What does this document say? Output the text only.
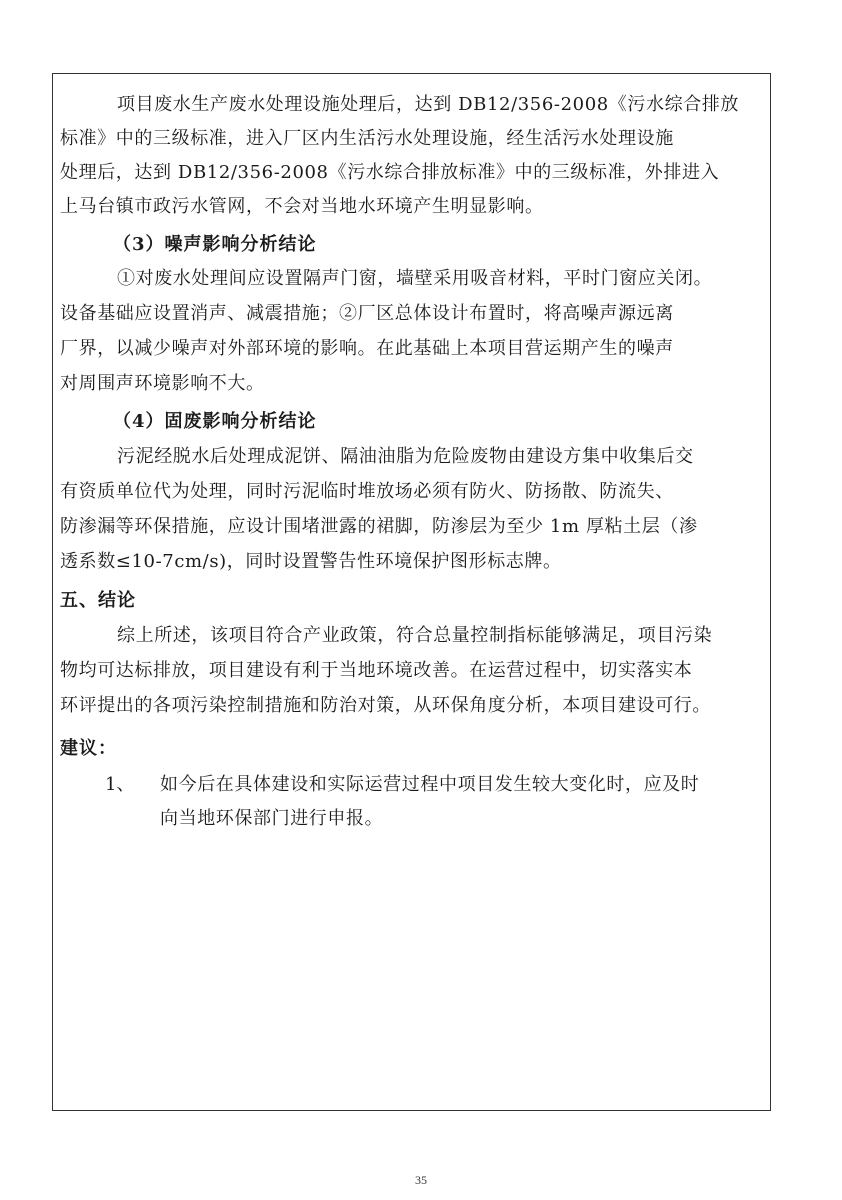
项目废水生产废水处理设施处理后，达到 DB12/356-2008《污水综合排放
标准》中的三级标准，进入厂区内生活污水处理设施，经生活污水处理设施
处理后，达到 DB12/356-2008《污水综合排放标准》中的三级标准，外排进入
上马台镇市政污水管网，不会对当地水环境产生明显影响。
（3）噪声影响分析结论
①对废水处理间应设置隔声门窗，墙壁采用吸音材料，平时门窗应关闭。
设备基础应设置消声、减震措施；②厂区总体设计布置时，将高噪声源远离
厂界，以减少噪声对外部环境的影响。在此基础上本项目营运期产生的噪声
对周围声环境影响不大。
（4）固废影响分析结论
污泥经脱水后处理成泥饼、隔油油脂为危险废物由建设方集中收集后交
有资质单位代为处理，同时污泥临时堆放场必须有防火、防扬散、防流失、
防渗漏等环保措施，应设计围堵泄露的裙脚，防渗层为至少 1m 厚粘土层（渗
透系数≤10-7cm/s)，同时设置警告性环境保护图形标志牌。
五、结论
综上所述，该项目符合产业政策，符合总量控制指标能够满足，项目污染
物均可达标排放，项目建设有利于当地环境改善。在运营过程中，切实落实本
环评提出的各项污染控制措施和防治对策，从环保角度分析，本项目建设可行。
建议：
1、 如今后在具体建设和实际运营过程中项目发生较大变化时，应及时
向当地环保部门进行申报。
35
